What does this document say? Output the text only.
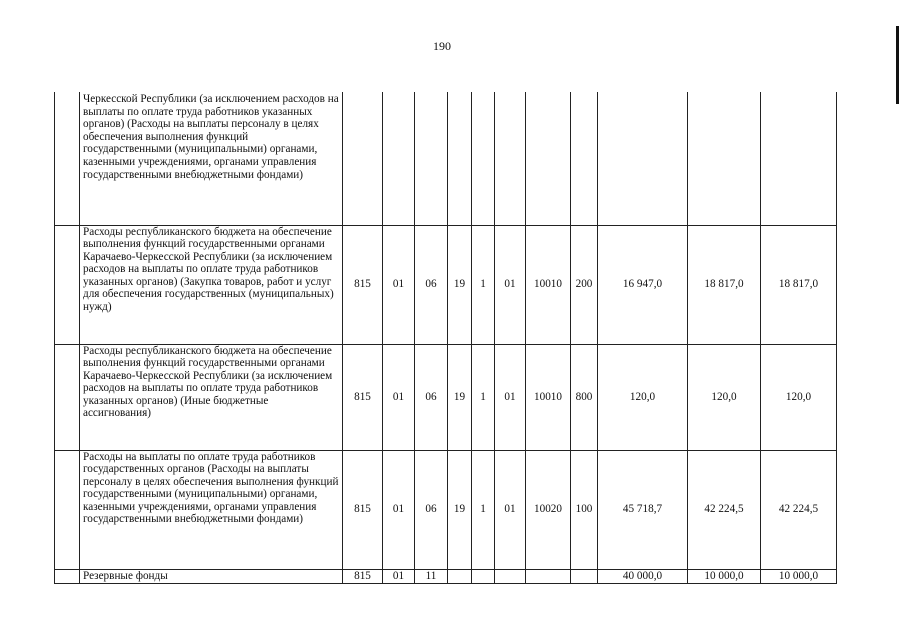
190
	Черкесской Республики (за исключением расходов на выплаты по оплате труда работников указанных органов) (Расходы на выплаты персоналу в целях обеспечения выполнения функций государственными (муниципальными) органами, казенными учреждениями, органами управления государственными внебюджетными фондами)											
	Расходы республиканского бюджета на обеспечение выполнения функций государственными органами Карачаево-Черкесской Республики (за исключением расходов на выплаты по оплате труда работников указанных органов) (Закупка товаров, работ и услуг для обеспечения государственных (муниципальных) нужд)	815	01	06	19	1	01	10010	200	16 947,0	18 817,0	18 817,0
	Расходы республиканского бюджета на обеспечение выполнения функций государственными органами Карачаево-Черкесской Республики (за исключением расходов на выплаты по оплате труда работников указанных органов) (Иные бюджетные ассигнования)	815	01	06	19	1	01	10010	800	120,0	120,0	120,0
	Расходы на выплаты по оплате труда работников государственных органов (Расходы на выплаты персоналу в целях обеспечения выполнения функций государственными (муниципальными) органами, казенными учреждениями, органами управления государственными внебюджетными фондами)	815	01	06	19	1	01	10020	100	45 718,7	42 224,5	42 224,5
	Резервные фонды	815	01	11						40 000,0	10 000,0	10 000,0
